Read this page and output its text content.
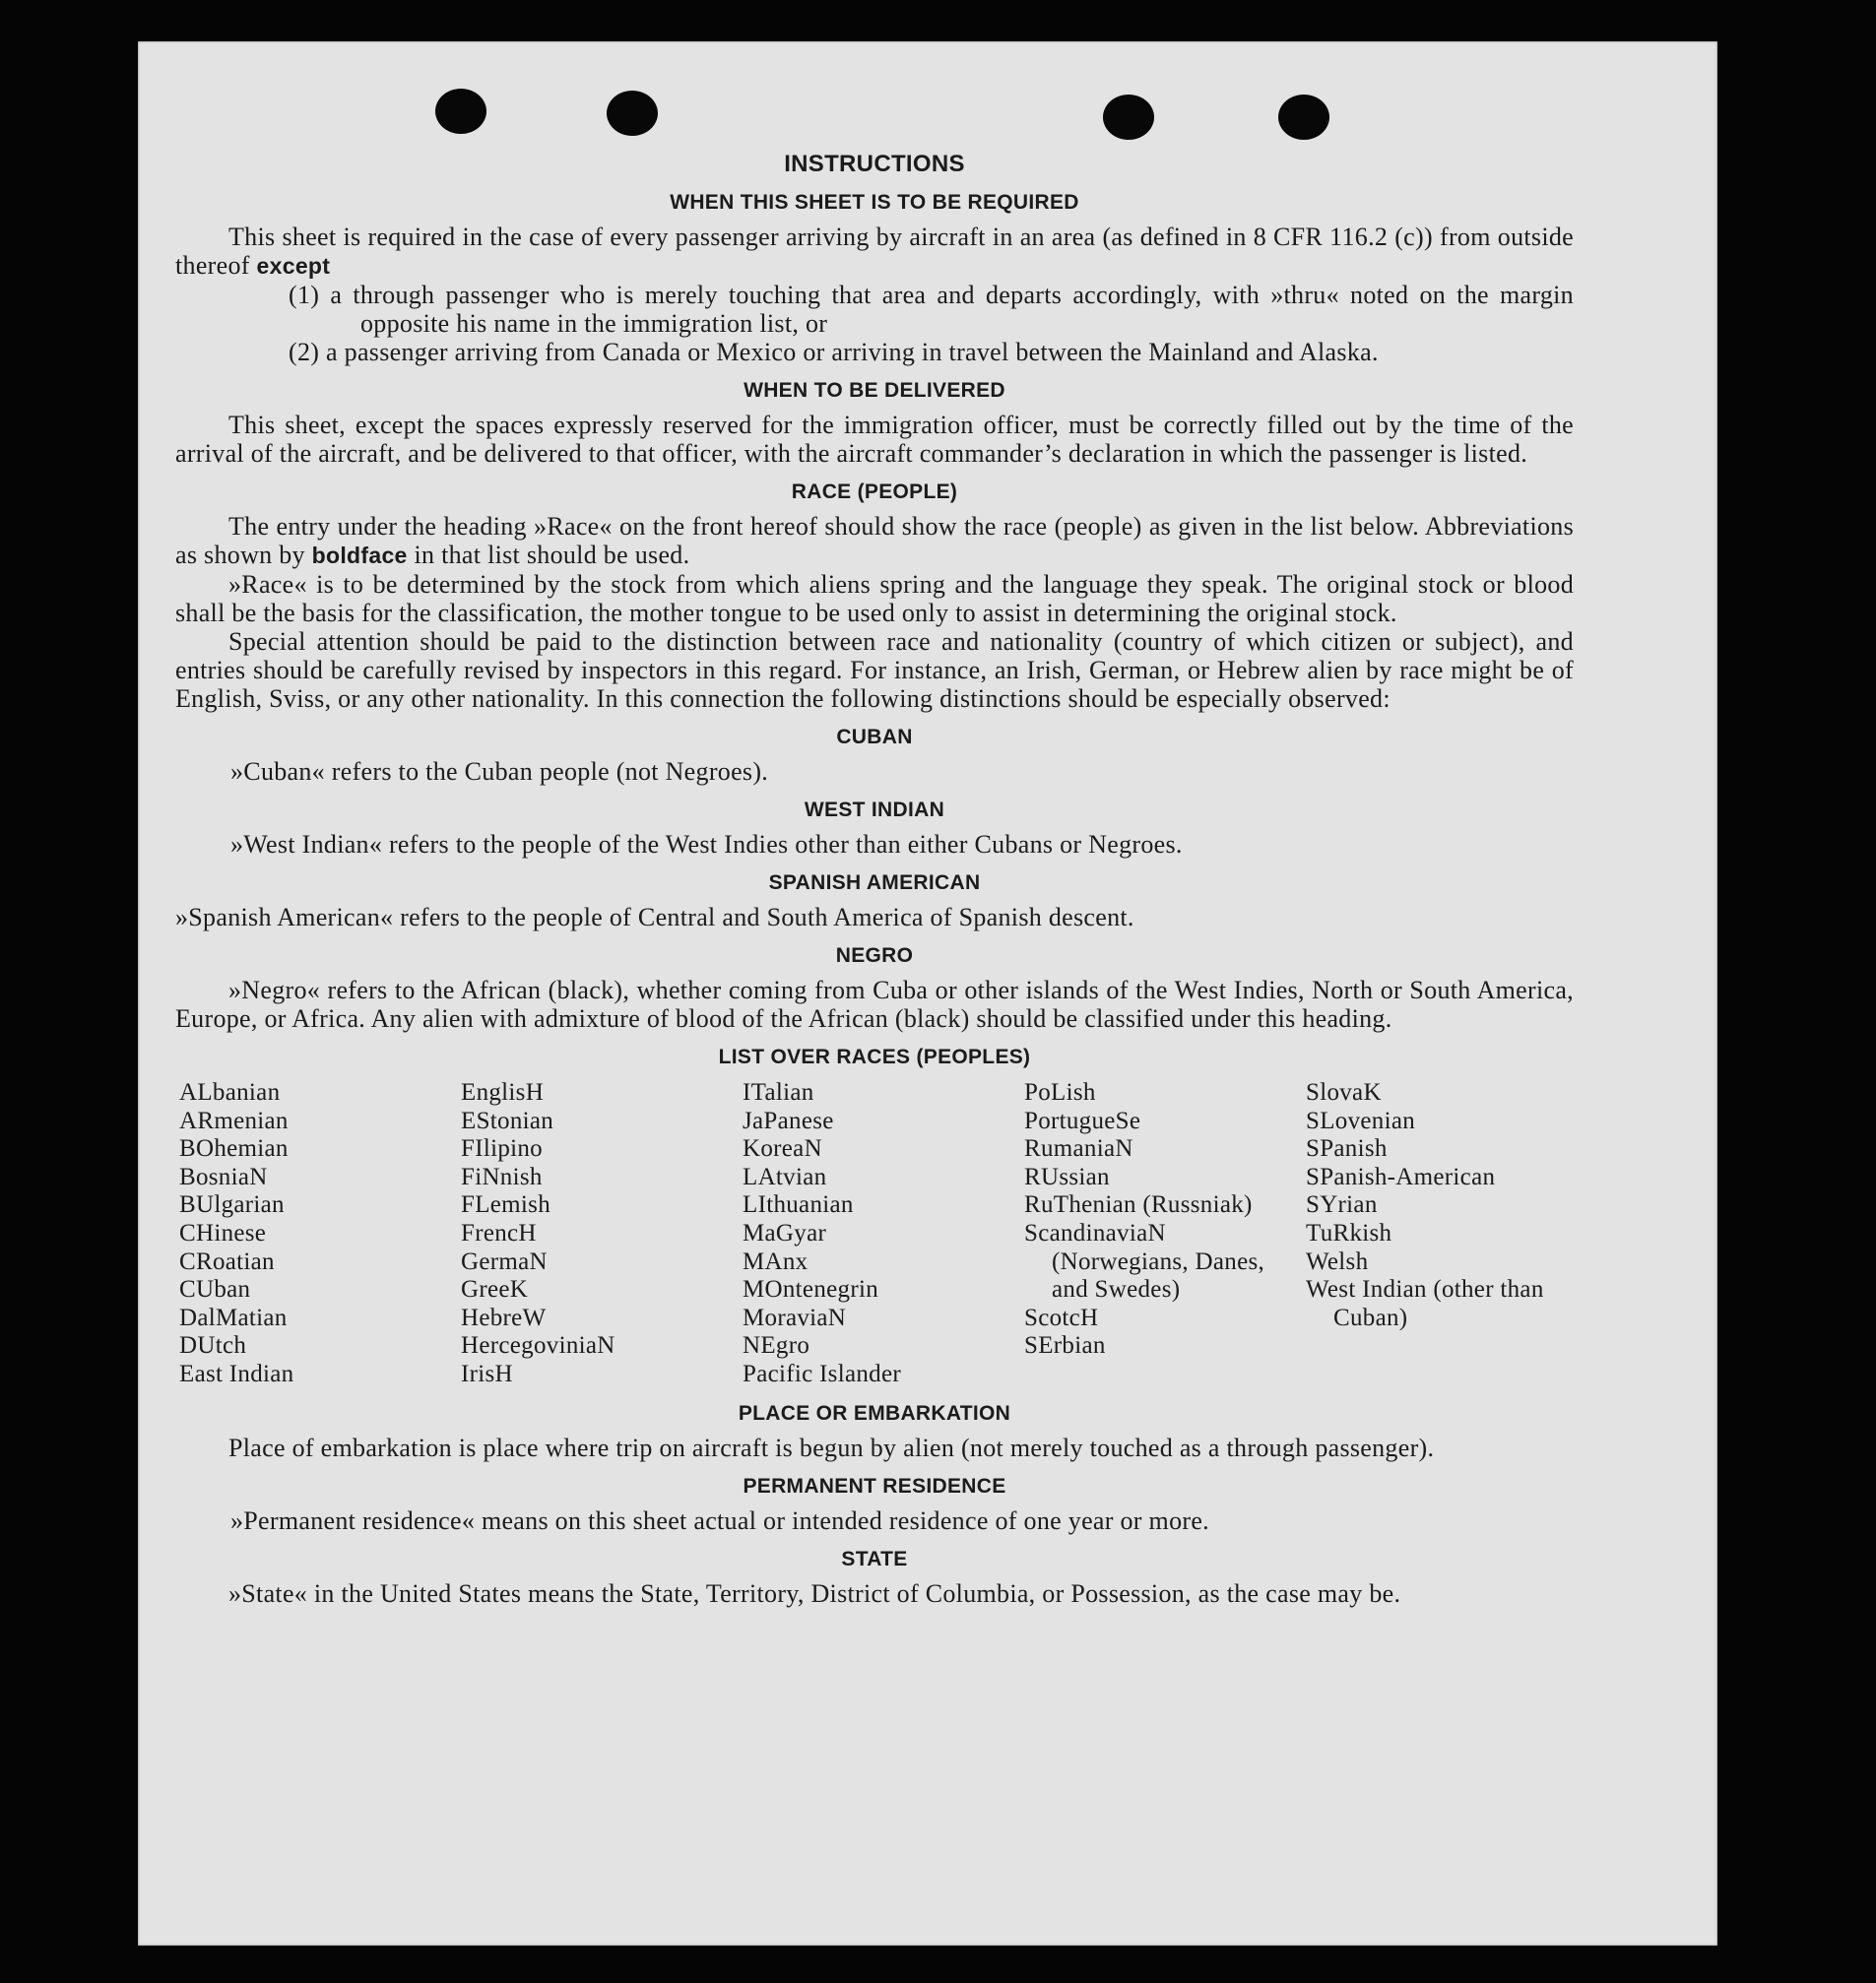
INSTRUCTIONS
WHEN THIS SHEET IS TO BE REQUIRED

This sheet is required in the case of every passenger arriving by aircraft in an area (as defined in 8 CFR 116.2 (c)) from outside thereof except

(1) a through passenger who is merely touching that area and departs accordingly, with »thru« noted on the margin opposite his name in the immigration list, or

(2) a passenger arriving from Canada or Mexico or arriving in travel between the Mainland and Alaska.

WHEN TO BE DELIVERED

This sheet, except the spaces expressly reserved for the immigration officer, must be correctly filled out by the time of the arrival of the aircraft, and be delivered to that officer, with the aircraft commander’s declaration in which the passenger is listed.

RACE (PEOPLE)

The entry under the heading »Race« on the front hereof should show the race (people) as given in the list below. Abbreviations as shown by boldface in that list should be used.

»Race« is to be determined by the stock from which aliens spring and the language they speak. The original stock or blood shall be the basis for the classification, the mother tongue to be used only to assist in determining the original stock.

Special attention should be paid to the distinction between race and nationality (country of which citizen or subject), and entries should be carefully revised by inspectors in this regard. For instance, an Irish, German, or Hebrew alien by race might be of English, Sviss, or any other nationality. In this connection the following distinctions should be especially observed:

CUBAN

»Cuban« refers to the Cuban people (not Negroes).

WEST INDIAN

»West Indian« refers to the people of the West Indies other than either Cubans or Negroes.

SPANISH AMERICAN

»Spanish American« refers to the people of Central and South America of Spanish descent.

NEGRO

»Negro« refers to the African (black), whether coming from Cuba or other islands of the West Indies, North or South America, Europe, or Africa. Any alien with admixture of blood of the African (black) should be classified under this heading.

LIST OVER RACES (PEOPLES)
ALbanian
ARmenian
BOhemian
BosniaN
BUlgarian
CHinese
CRoatian
CUban
DalMatian
DUtch
East Indian
EnglisH
EStonian
FIlipino
FiNnish
FLemish
FrencH
GermaN
GreeK
HebreW
HercegoviniaN
IrisH
ITalian
JaPanese
KoreaN
LAtvian
LIthuanian
MaGyar
MAnx
MOntenegrin
MoraviaN
NEgro
Pacific Islander
PoLish
PortugueSe
RumaniaN
RUssian
RuThenian (Russniak)
ScandinaviaN (Norwegians, Danes, and Swedes)
ScotcH
SErbian
SlovaK
SLovenian
SPanish
SPanish-American
SYrian
TuRkish
Welsh
West Indian (other than Cuban)
PLACE OR EMBARKATION

Place of embarkation is place where trip on aircraft is begun by alien (not merely touched as a through passenger).

PERMANENT RESIDENCE

»Permanent residence« means on this sheet actual or intended residence of one year or more.

STATE

»State« in the United States means the State, Territory, District of Columbia, or Possession, as the case may be.
